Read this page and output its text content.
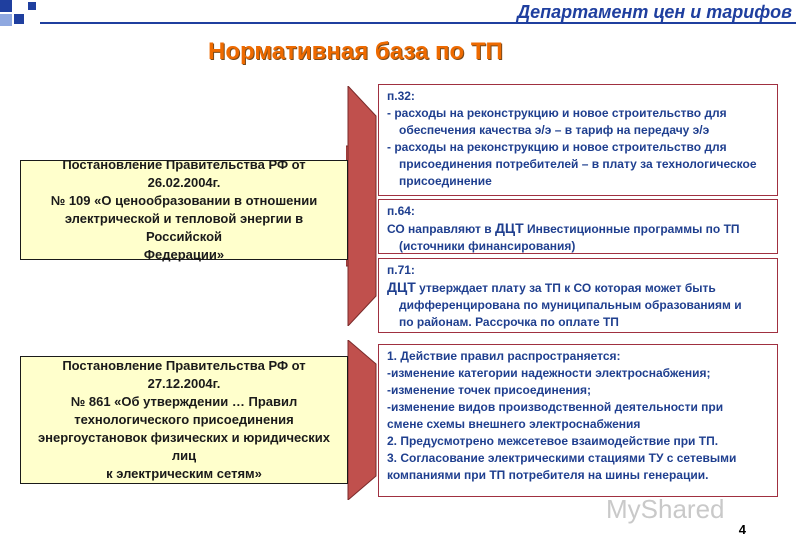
Департамент цен и тарифов
Нормативная база по ТП
Постановление Правительства РФ от 26.02.2004г.
№ 109 «О ценообразовании в отношении
электрической и тепловой энергии в Российской
Федерации»
Постановление Правительства РФ от 27.12.2004г.
№ 861 «Об утверждении … Правил
технологического присоединения
энергоустановок физических и юридических лиц
к электрическим сетям»
п.32:
- расходы на реконструкцию и новое строительство для
обеспечения качества э/э – в тариф на передачу э/э
- расходы на реконструкцию и новое строительство для
присоединения потребителей – в плату за технологическое
присоединение
п.64:
СО направляют в ДЦТ Инвестиционные программы по ТП
(источники финансирования)
п.71:
ДЦТ утверждает плату за ТП к СО которая может быть
дифференцирована по муниципальным образованиям и
по районам. Рассрочка по оплате ТП
1. Действие правил распространяется:
-изменение категории надежности электроснабжения;
-изменение точек присоединения;
-изменение видов производственной деятельности при
смене схемы внешнего электроснабжения
2. Предусмотрено межсетевое взаимодействие при ТП.
3. Согласование электрическими стациями ТУ с сетевыми
компаниями при ТП потребителя на шины генерации.
MyShared
4
